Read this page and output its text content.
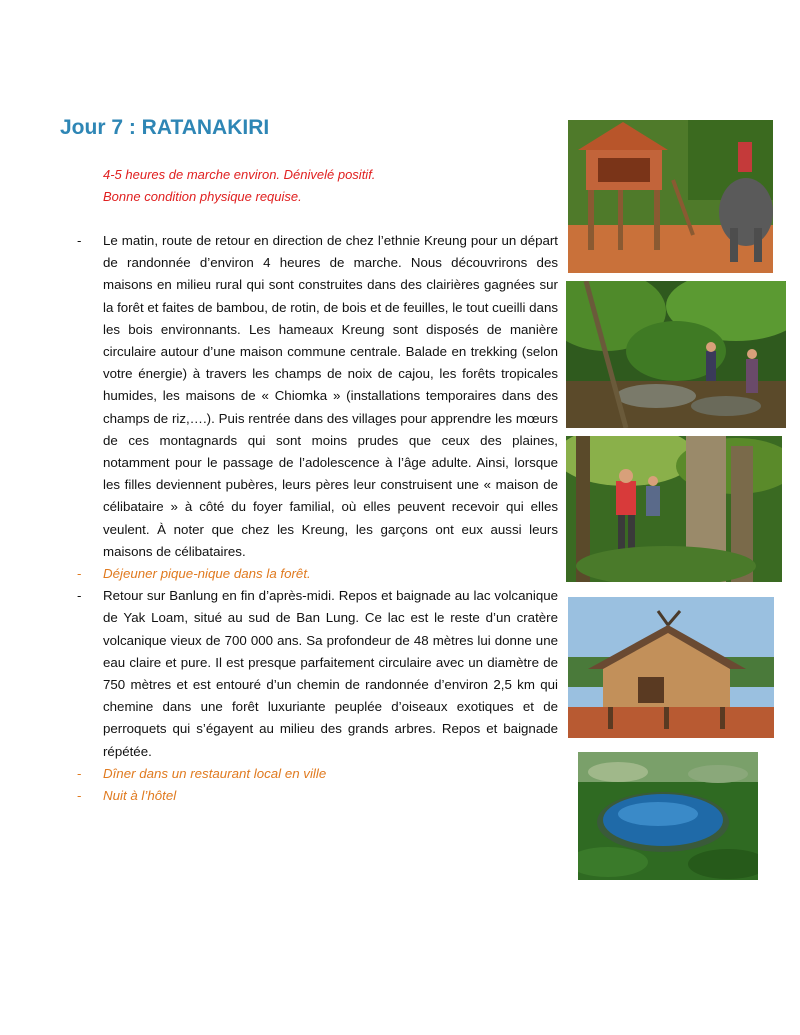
Jour 7 : RATANAKIRI
4-5 heures de marche environ. Dénivelé positif.
Bonne condition physique requise.
- Le matin, route de retour en direction de chez l’ethnie Kreung pour un départ de randonnée d’environ 4 heures de marche. Nous découvrirons des maisons en milieu rural qui sont construites dans des clairières gagnées sur la forêt et faites de bambou, de rotin, de bois et de feuilles, le tout cueilli dans les bois environnants. Les hameaux Kreung sont disposés de manière circulaire autour d’une maison commune centrale. Balade en trekking (selon votre énergie) à travers les champs de noix de cajou, les forêts tropicales humides, les maisons de « Chiomka » (installations temporaires dans des champs de riz,….). Puis rentrée dans des villages pour apprendre les mœurs de ces montagnards qui sont moins prudes que ceux des plaines, notamment pour le passage de l’adolescence à l’âge adulte. Ainsi, lorsque les filles deviennent pubères, leurs pères leur construisent une « maison de célibataire » à côté du foyer familial, où elles peuvent recevoir qui elles veulent. À noter que chez les Kreung, les garçons ont eux aussi leurs maisons de célibataires.
- Déjeuner pique-nique dans la forêt.
- Retour sur Banlung en fin d’après-midi. Repos et baignade au lac volcanique de Yak Loam, situé au sud de Ban Lung. Ce lac est le reste d’un cratère volcanique vieux de 700 000 ans. Sa profondeur de 48 mètres lui donne une eau claire et pure. Il est presque parfaitement circulaire avec un diamètre de 750 mètres et est entouré d’un chemin de randonnée d’environ 2,5 km qui chemine dans une forêt luxuriante peuplée d’oiseaux exotiques et de perroquets qui s’égayent au milieu des grands arbres. Repos et baignade répétée.
- Dîner dans un restaurant local en ville
- Nuit à l’hôtel
